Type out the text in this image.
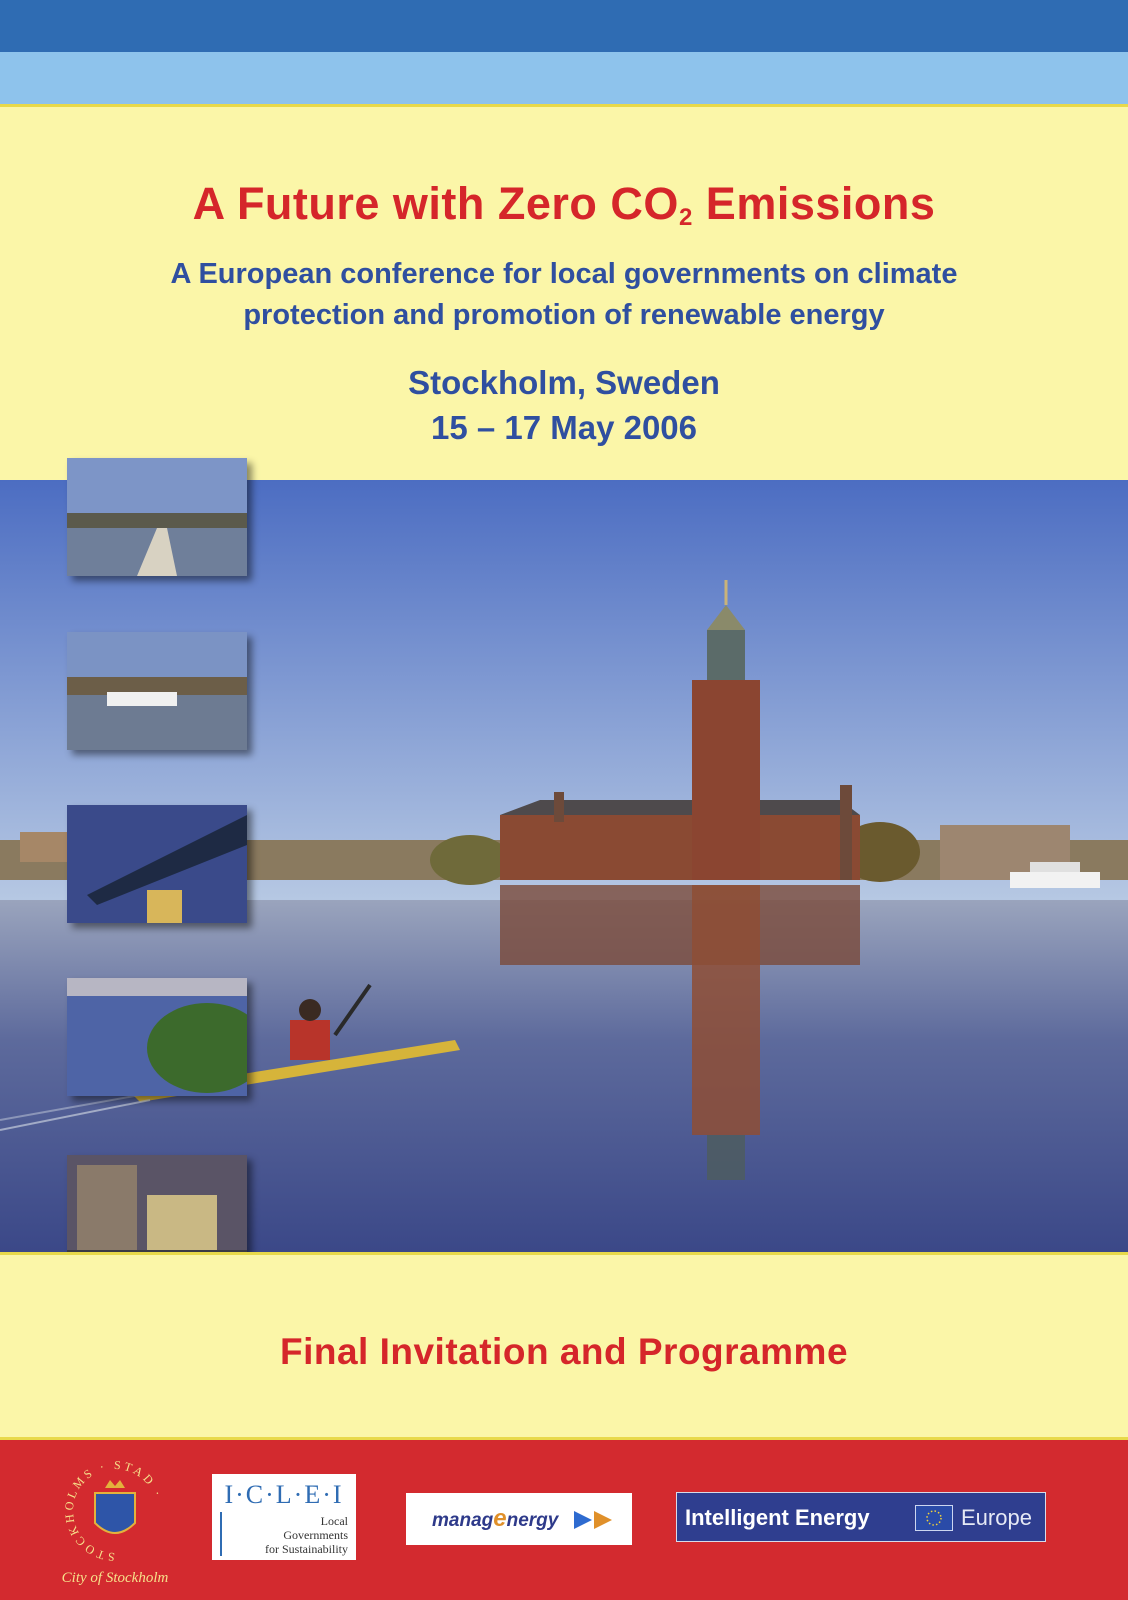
A Future with Zero $CO_2$ Emissions
A European conference for local governments on climate
protection and promotion of renewable energy
Stockholm, Sweden
15 – 17 May 2006
Final Invitation and Programme
STOCKHOLMS · STAD ·
City of Stockholm
I·C·L·E·I
Local
Governments
for Sustainability
managenergy	Intelligent Energy	Europe
